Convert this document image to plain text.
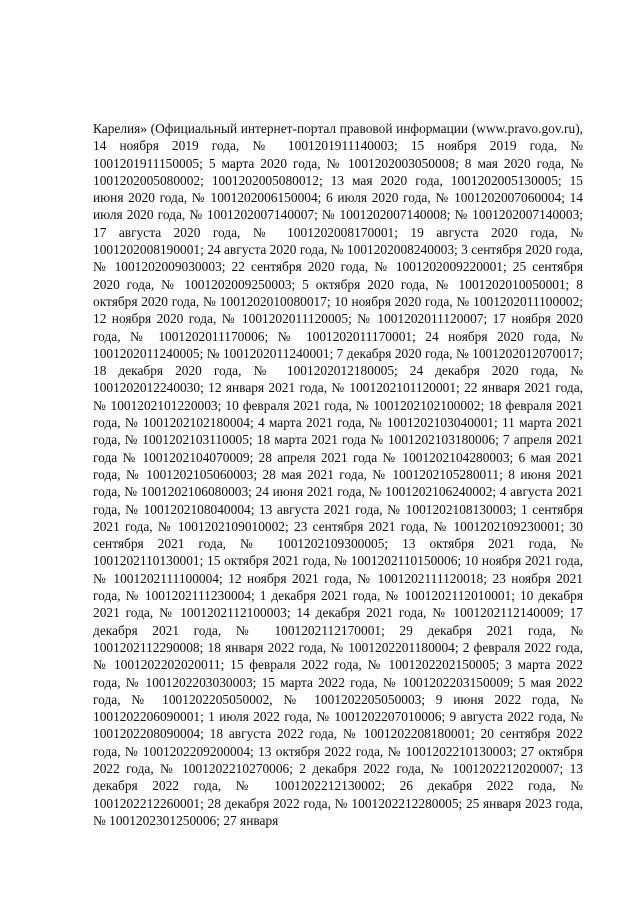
Карелия» (Официальный интернет-портал правовой информации (www.pravo.gov.ru), 14 ноября 2019 года, № 1001201911140003; 15 ноября 2019 года, № 1001201911150005; 5 марта 2020 года, № 1001202003050008; 8 мая 2020 года, № 1001202005080002; 1001202005080012; 13 мая 2020 года, 1001202005130005; 15 июня 2020 года, № 1001202006150004; 6 июля 2020 года, № 1001202007060004; 14 июля 2020 года, № 1001202007140007; № 1001202007140008; № 1001202007140003; 17 августа 2020 года, № 1001202008170001; 19 августа 2020 года, № 1001202008190001; 24 августа 2020 года, № 1001202008240003; 3 сентября 2020 года, № 1001202009030003; 22 сентября 2020 года, № 1001202009220001; 25 сентября 2020 года, № 1001202009250003; 5 октября 2020 года, № 1001202010050001; 8 октября 2020 года, № 1001202010080017; 10 ноября 2020 года, № 1001202011100002; 12 ноября 2020 года, № 1001202011120005; № 1001202011120007; 17 ноября 2020 года, № 1001202011170006; № 1001202011170001; 24 ноября 2020 года, № 1001202011240005; № 1001202011240001; 7 декабря 2020 года, № 1001202012070017; 18 декабря 2020 года, № 1001202012180005; 24 декабря 2020 года, № 1001202012240030; 12 января 2021 года, № 1001202101120001; 22 января 2021 года, № 1001202101220003; 10 февраля 2021 года, № 1001202102100002; 18 февраля 2021 года, № 1001202102180004; 4 марта 2021 года, № 1001202103040001; 11 марта 2021 года, № 1001202103110005; 18 марта 2021 года № 1001202103180006; 7 апреля 2021 года № 1001202104070009; 28 апреля 2021 года № 1001202104280003; 6 мая 2021 года, № 1001202105060003; 28 мая 2021 года, № 1001202105280011; 8 июня 2021 года, № 1001202106080003; 24 июня 2021 года, № 1001202106240002; 4 августа 2021 года, № 1001202108040004; 13 августа 2021 года, № 1001202108130003; 1 сентября 2021 года, № 1001202109010002; 23 сентября 2021 года, № 1001202109230001; 30 сентября 2021 года, № 1001202109300005; 13 октября 2021 года, № 1001202110130001; 15 октября 2021 года, № 1001202110150006; 10 ноября 2021 года, № 1001202111100004; 12 ноября 2021 года, № 1001202111120018; 23 ноября 2021 года, № 1001202111230004; 1 декабря 2021 года, № 1001202112010001; 10 декабря 2021 года, № 1001202112100003; 14 декабря 2021 года, № 1001202112140009; 17 декабря 2021 года, № 1001202112170001; 29 декабря 2021 года, № 1001202112290008; 18 января 2022 года, № 1001202201180004; 2 февраля 2022 года, № 1001202202020011; 15 февраля 2022 года, № 1001202202150005; 3 марта 2022 года, № 1001202203030003; 15 марта 2022 года, № 1001202203150009; 5 мая 2022 года, № 1001202205050002, № 1001202205050003; 9 июня 2022 года, № 1001202206090001; 1 июля 2022 года, № 1001202207010006; 9 августа 2022 года, № 1001202208090004; 18 августа 2022 года, № 1001202208180001; 20 сентября 2022 года, № 1001202209200004; 13 октября 2022 года, № 1001202210130003; 27 октября 2022 года, № 1001202210270006; 2 декабря 2022 года, № 1001202212020007; 13 декабря 2022 года, № 1001202212130002; 26 декабря 2022 года, № 1001202212260001; 28 декабря 2022 года, № 1001202212280005; 25 января 2023 года, № 1001202301250006; 27 января
